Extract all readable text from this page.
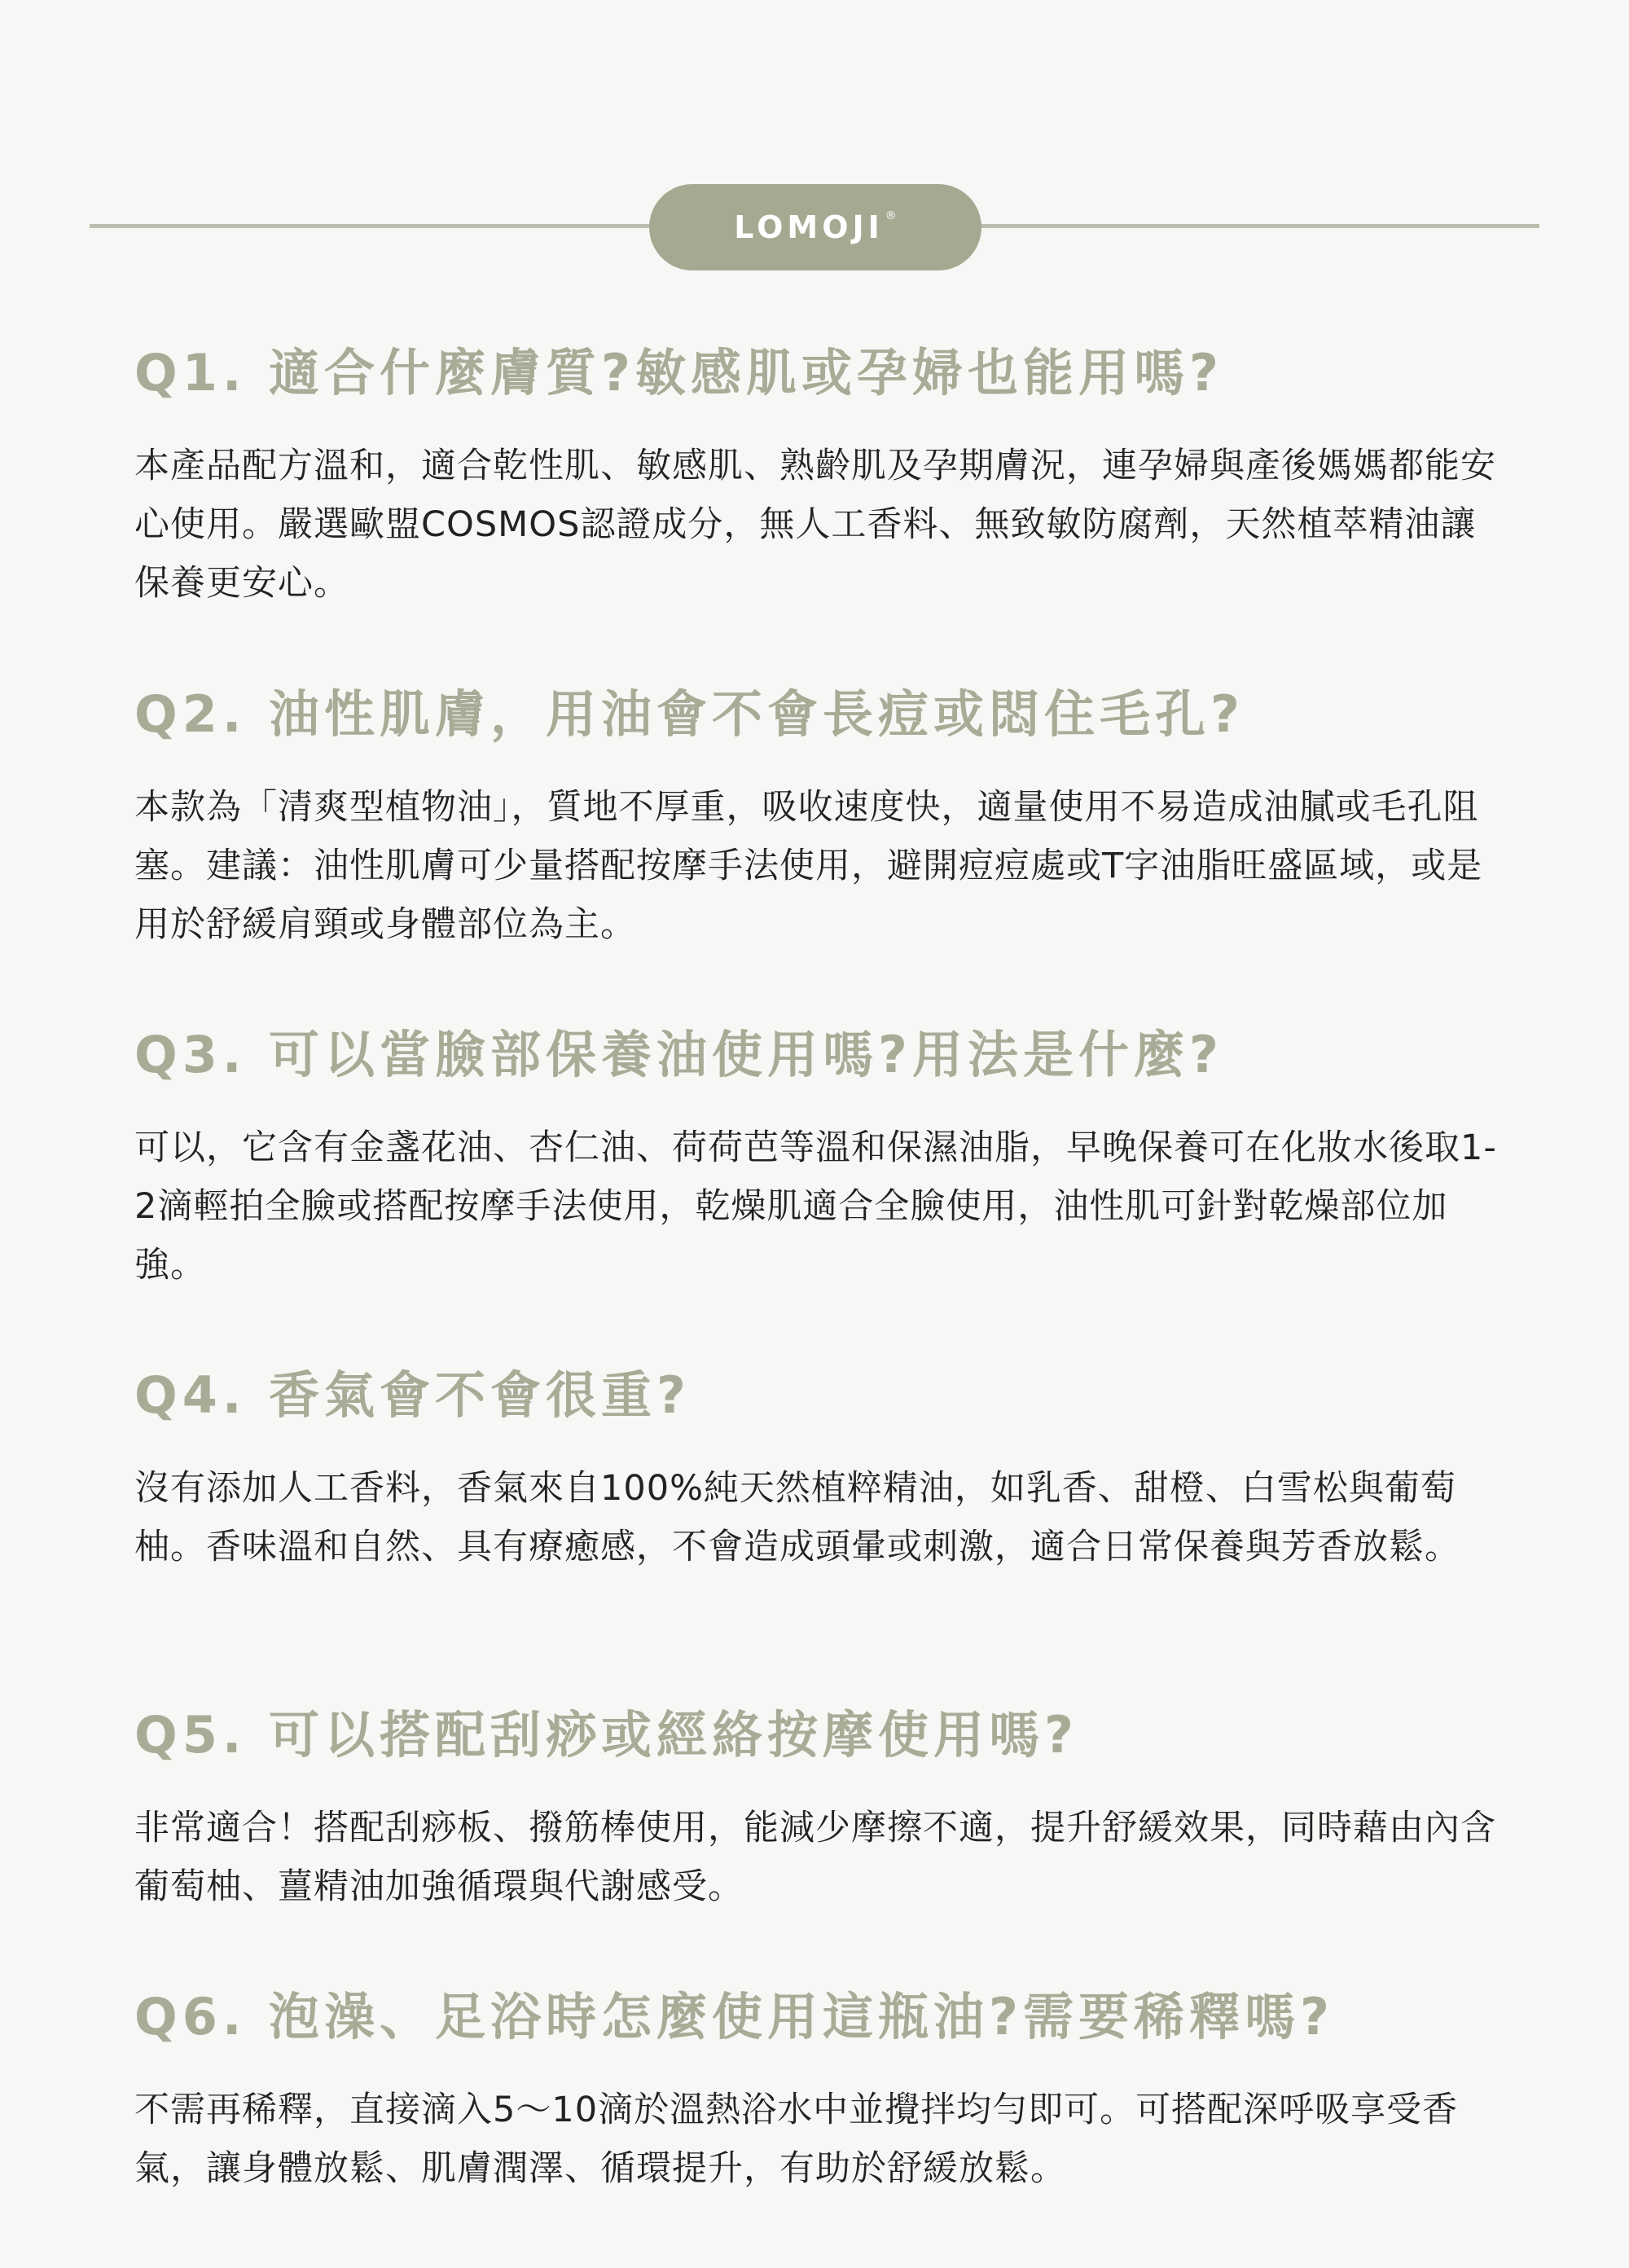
LOMOJI ®
Q1. 適合什麼膚質?敏感肌或孕婦也能用嗎?

本產品配方溫和，適合乾性肌、敏感肌、熟齡肌及孕期膚況，連孕婦與產後媽媽都能安心使用。嚴選歐盟COSMOS認證成分，無人工香料、無致敏防腐劑，天然植萃精油讓保養更安心。

Q2. 油性肌膚，用油會不會長痘或悶住毛孔?

本款為「清爽型植物油」，質地不厚重，吸收速度快，適量使用不易造成油膩或毛孔阻塞。建議：油性肌膚可少量搭配按摩手法使用，避開痘痘處或T字油脂旺盛區域，或是用於舒緩肩頸或身體部位為主。

Q3. 可以當臉部保養油使用嗎?用法是什麼?

可以，它含有金盞花油、杏仁油、荷荷芭等溫和保濕油脂，早晚保養可在化妝水後取1-2滴輕拍全臉或搭配按摩手法使用，乾燥肌適合全臉使用，油性肌可針對乾燥部位加強。

Q4. 香氣會不會很重?

沒有添加人工香料，香氣來自100%純天然植粹精油，如乳香、甜橙、白雪松與葡萄柚。香味溫和自然、具有療癒感，不會造成頭暈或刺激，適合日常保養與芳香放鬆。

Q5. 可以搭配刮痧或經絡按摩使用嗎?

非常適合！搭配刮痧板、撥筋棒使用，能減少摩擦不適，提升舒緩效果，同時藉由內含葡萄柚、薑精油加強循環與代謝感受。

Q6. 泡澡、足浴時怎麼使用這瓶油?需要稀釋嗎?

不需再稀釋，直接滴入5～10滴於溫熱浴水中並攪拌均勻即可。可搭配深呼吸享受香氣，讓身體放鬆、肌膚潤澤、循環提升，有助於舒緩放鬆。
